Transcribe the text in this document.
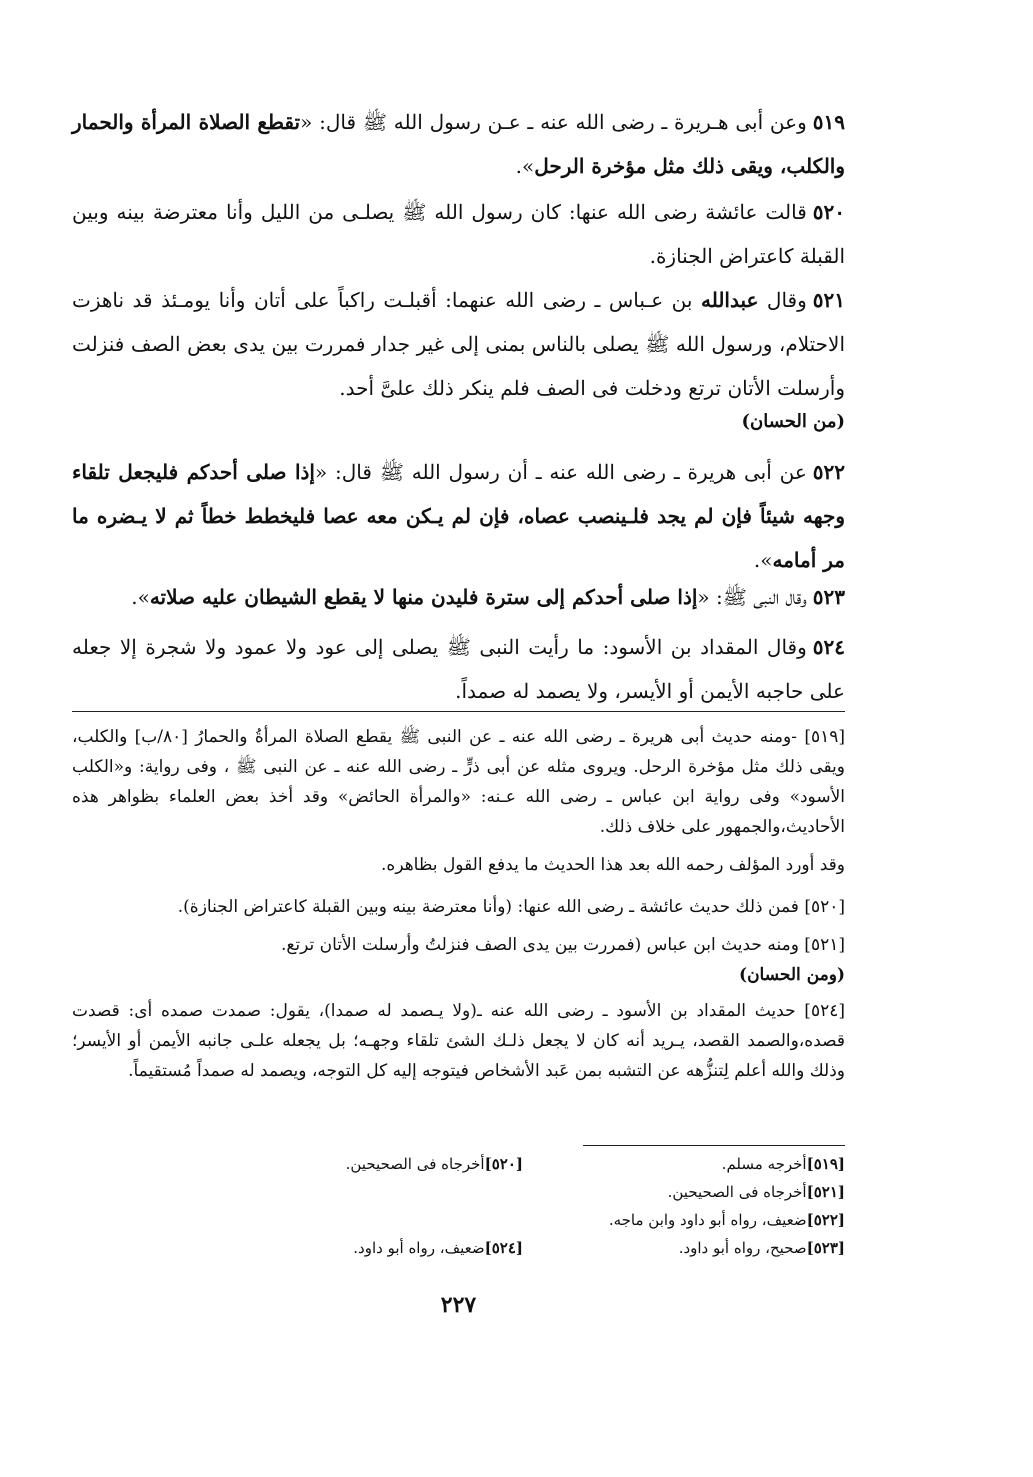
٥١٩وعن أبى هـريرة ـ رضى الله عنه ـ عـن رسول الله ﷺ قال: «تقطع الصلاة المرأة والحمار والكلب، ويقى ذلك مثل مؤخرة الرحل».

٥٢٠قالت عائشة رضى الله عنها: كان رسول الله ﷺ يصلـى من الليل وأنا معترضة بينه وبين القبلة كاعتراض الجنازة.

٥٢١وقال عبدالله بن عـباس ـ رضى الله عنهما: أقبلـت راكباً على أتان وأنا يومـئذ قد ناهزت الاحتلام، ورسول الله ﷺ يصلى بالناس بمنى إلى غير جدار فمررت بين يدى بعض الصف فنزلت وأرسلت الأتان ترتع ودخلت فى الصف فلم ينكر ذلك علىَّ أحد.

(من الحسان)

٥٢٢عن أبى هريرة ـ رضى الله عنه ـ أن رسول الله ﷺ قال: «إذا صلى أحدكم فليجعل تلقاء وجهه شيئاً فإن لم يجد فلـينصب عصاه، فإن لم يـكن معه عصا فليخطط خطاً ثم لا يـضره ما مر أمامه».

٥٢٣وقال النبى ﷺ: «إذا صلى أحدكم إلى سترة فليدن منها لا يقطع الشيطان عليه صلاته».

٥٢٤وقال المقداد بن الأسود: ما رأيت النبى ﷺ يصلى إلى عود ولا عمود ولا شجرة إلا جعله على حاجبه الأيمن أو الأيسر، ولا يصمد له صمداً.

[٥١٩] -ومنه حديث أبى هريرة ـ رضى الله عنه ـ عن النبى ﷺ يقطع الصلاة المرأةُ والحمارُ [٨٠/ب] والكلب، ويقى ذلك مثل مؤخرة الرحل. ويروى مثله عن أبى ذرٍّ ـ رضى الله عنه ـ عن النبى ﷺ ، وفى رواية: و«الكلب الأسود» وفى رواية ابن عباس ـ رضى الله عـنه: «والمرأة الحائض» وقد أخذ بعض العلماء بظواهر هذه الأحاديث،والجمهور على خلاف ذلك.

وقد أورد المؤلف رحمه الله بعد هذا الحديث ما يدفع القول بظاهره.

[٥٢٠] فمن ذلك حديث عائشة ـ رضى الله عنها: (وأنا معترضة بينه وبين القبلة كاعتراض الجنازة).

[٥٢١] ومنه حديث ابن عباس (فمررت بين يدى الصف فنزلتُ وأرسلت الأتان ترتع.

(ومن الحسان)

[٥٢٤] حديث المقداد بن الأسود ـ رضى الله عنه ـ(ولا يـصمد له صمدا)، يقول: صمدت صمده أى: قصدت قصده،والصمد القصد، يـريد أنه كان لا يجعل ذلـك الشئ تلقاء وجهـه؛ بل يجعله علـى جانبه الأيمن أو الأيسر؛ وذلك والله أعلم لِتنزُّهه عن التشبه بمن عَبد الأشخاص فيتوجه إليه كل التوجه، ويصمد له صمداً مُستقيماً.

[٥١٩]أخرجه مسلم.
[٥٢٠]أخرجاه فى الصحيحين.
[٥٢١]أخرجاه فى الصحيحين.
[٥٢٢]ضعيف، رواه أبو داود وابن ماجه.
[٥٢٣]صحيح، رواه أبو داود.
[٥٢٤]ضعيف، رواه أبو داود.
٢٢٧
